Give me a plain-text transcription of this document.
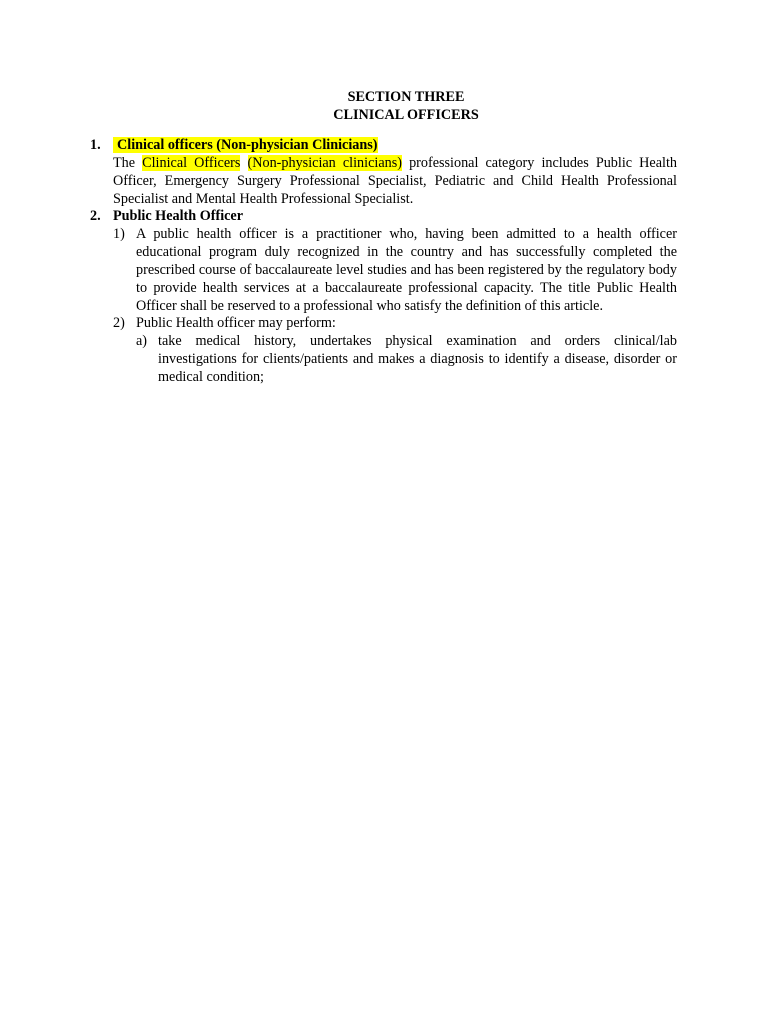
SECTION THREE
CLINICAL OFFICERS
1. Clinical officers (Non-physician Clinicians)
The Clinical Officers (Non-physician clinicians) professional category includes Public Health Officer, Emergency Surgery Professional Specialist, Pediatric and Child Health Professional Specialist and Mental Health Professional Specialist.
2. Public Health Officer
1) A public health officer is a practitioner who, having been admitted to a health officer educational program duly recognized in the country and has successfully completed the prescribed course of baccalaureate level studies and has been registered by the regulatory body to provide health services at a baccalaureate professional capacity. The title Public Health Officer shall be reserved to a professional who satisfy the definition of this article.
2) Public Health officer may perform:
a) take medical history, undertakes physical examination and orders clinical/lab investigations for clients/patients and makes a diagnosis to identify a disease, disorder or medical condition;
